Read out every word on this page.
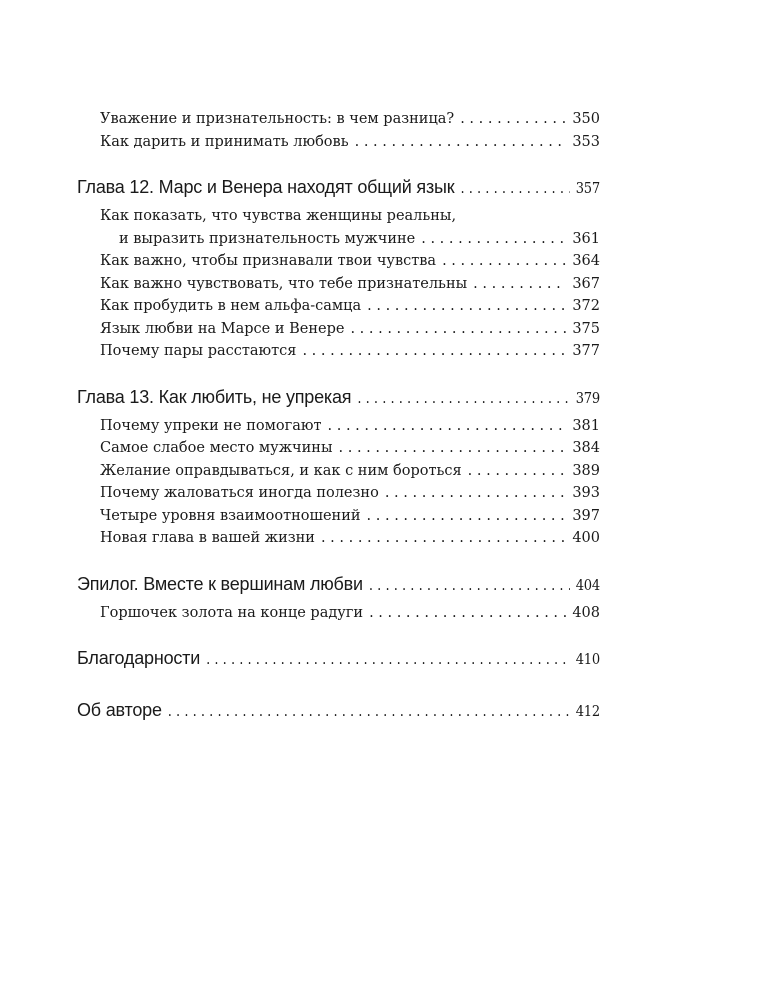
Уважение и признательность: в чем разница? . . .	350
Как дарить и принимать любовь . . .	353
Глава 12. Марс и Венера находят общий язык . . .	357
Как показать, что чувства женщины реальны,
и выразить признательность мужчине . . .	361
Как важно, чтобы признавали твои чувства . . .	364
Как важно чувствовать, что тебе признательны . . .	367
Как пробудить в нем альфа-самца . . .	372
Язык любви на Марсе и Венере . . .	375
Почему пары расстаются . . .	377
Глава 13. Как любить, не упрекая . . .	379
Почему упреки не помогают . . .	381
Самое слабое место мужчины . . .	384
Желание оправдываться, и как с ним бороться . . .	389
Почему жаловаться иногда полезно . . .	393
Четыре уровня взаимоотношений . . .	397
Новая глава в вашей жизни . . .	400
Эпилог. Вместе к вершинам любви . . .	404
Горшочек золота на конце радуги . . .	408
Благодарности . . .	410
Об авторе . . .	412
